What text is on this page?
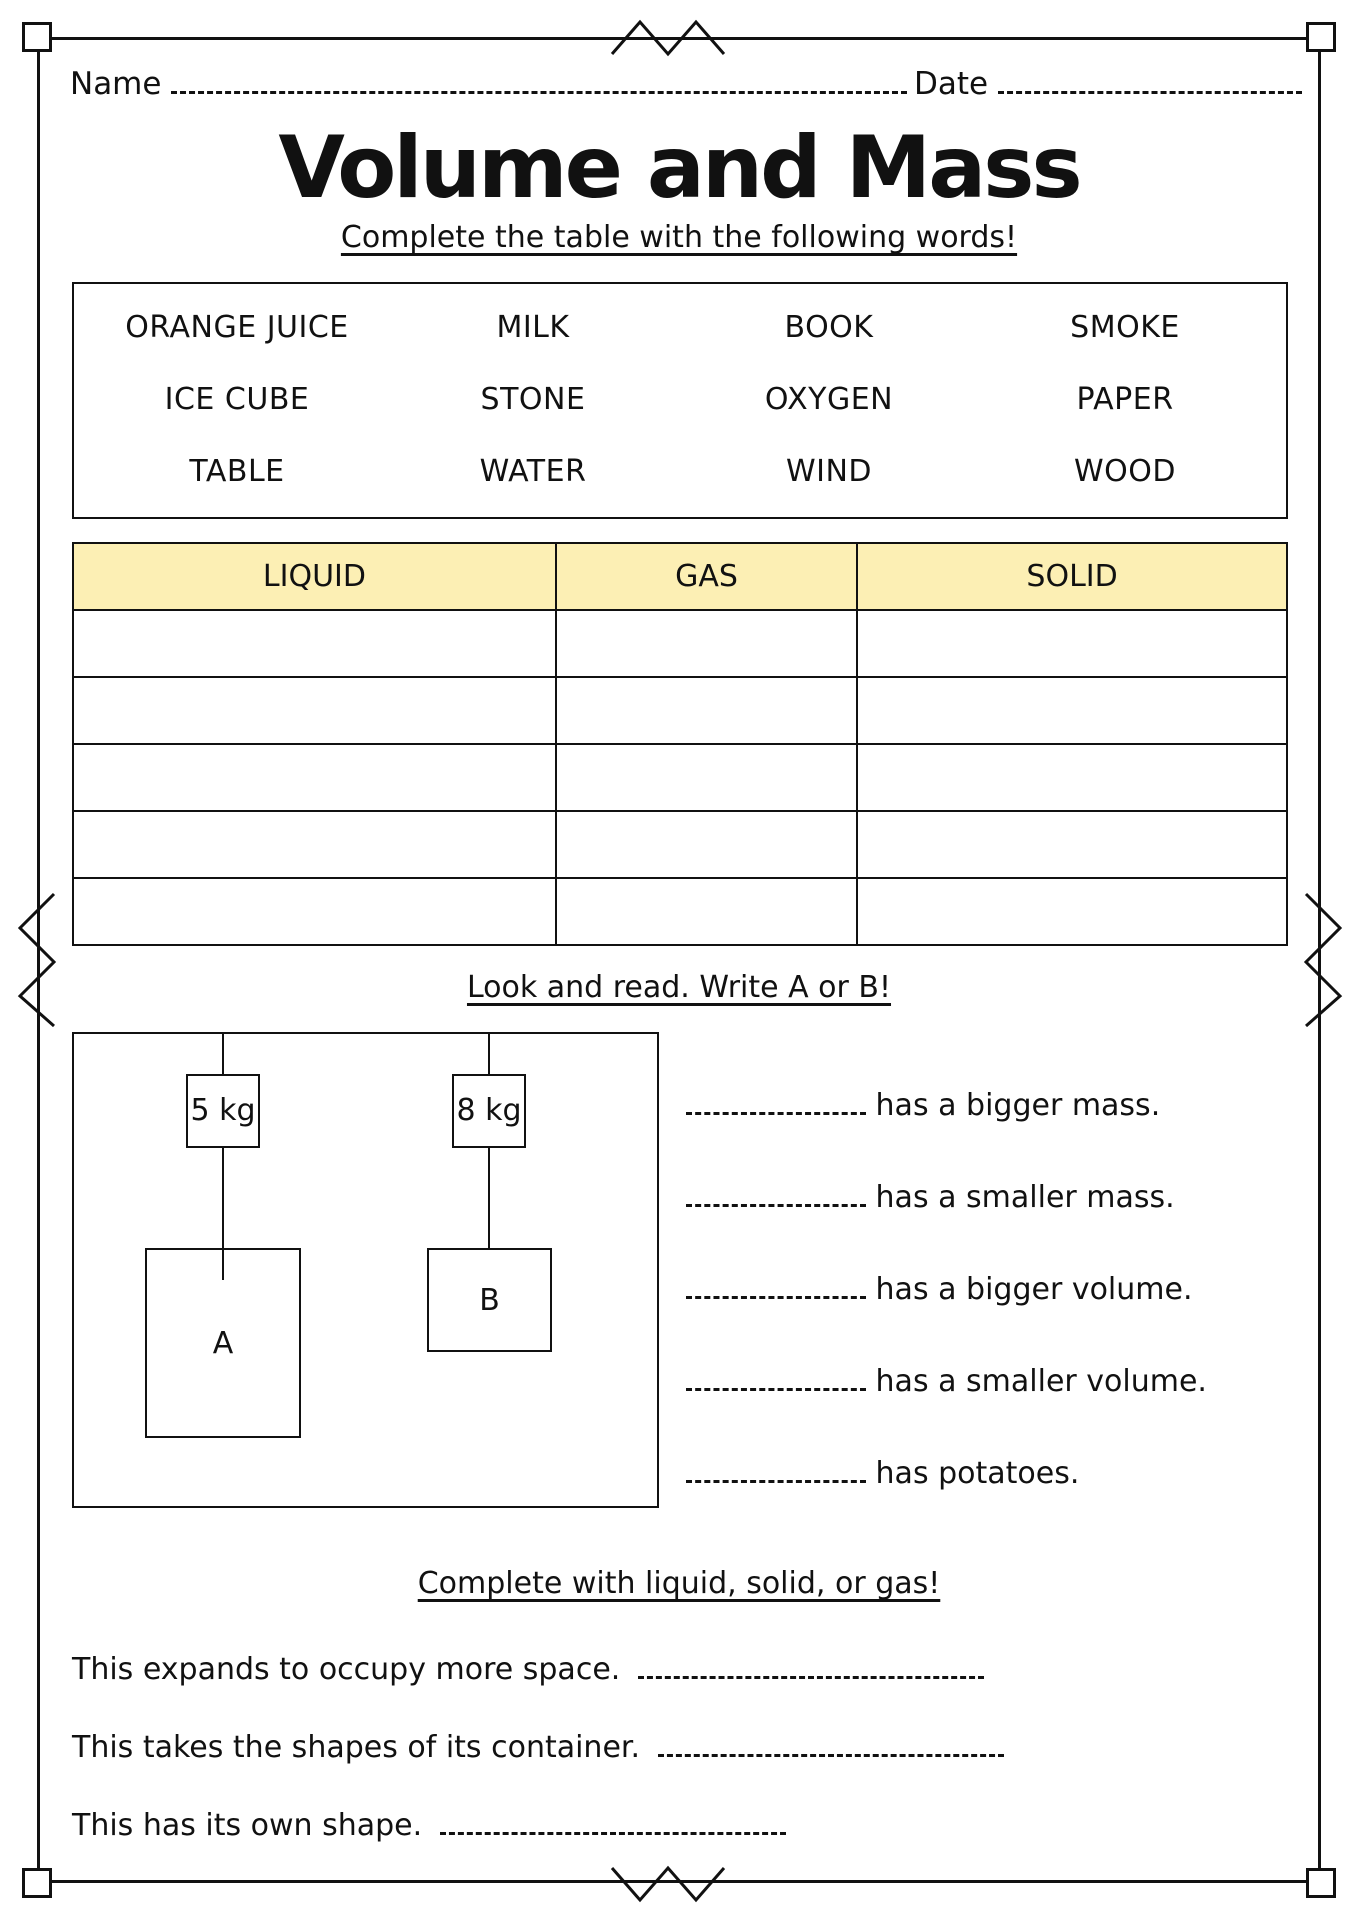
Name	Date
Volume and Mass
Complete the table with the following words!
ORANGE JUICE	MILK	BOOK	SMOKE
ICE CUBE	STONE	OXYGEN	PAPER
TABLE	WATER	WIND	WOOD
LIQUID	GAS	SOLID

Look and read. Write A or B!
5 kg
A
8 kg
B
has a bigger mass.
has a smaller mass.
has a bigger volume.
has a smaller volume.
has potatoes.
Complete with liquid, solid, or gas!
This expands to occupy more space.
This takes the shapes of its container.
This has its own shape.
